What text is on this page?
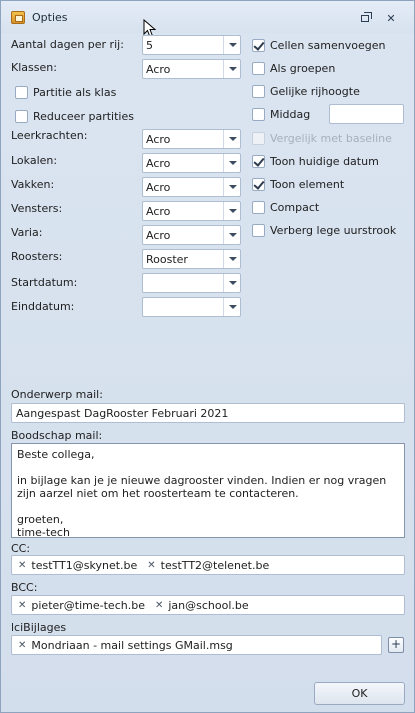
Opties	✕
Aantal dagen per rij: 5
Klassen:	Acro
Partitie als klas
Reduceer partities
Leerkrachten:	Acro
Lokalen:	Acro
Vakken:	Acro
Vensters:	Acro
Varia:	Acro
Roosters:	Rooster
Startdatum:
Einddatum:
Cellen samenvoegen
Als groepen
Gelijke rijhoogte
Middag
Vergelijk met baseline
Toon huidige datum
Toon element
Compact
Verberg lege uurstrook
Onderwerp mail:
Aangespast DagRooster Februari 2021
Boodschap mail:

Beste collega,

in bijlage kan je je nieuwe dagrooster vinden. Indien er nog vragen zijn aarzel niet om het roosterteam te contacteren.

groeten,
time-tech
CC:
✕ testTT1@skynet.be ✕ testTT2@telenet.be
BCC:
✕ pieter@time-tech.be ✕ jan@school.be
lciBijlages
✕ Mondriaan - mail settings GMail.msg	+
OK
